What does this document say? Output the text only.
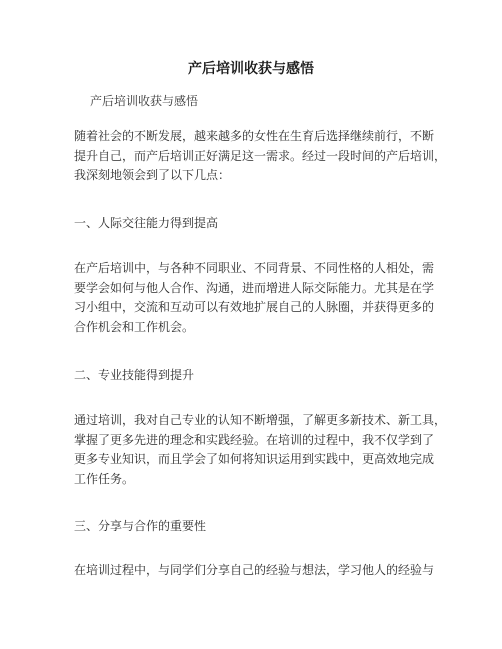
产后培训收获与感悟
产后培训收获与感悟
随着社会的不断发展，越来越多的女性在生育后选择继续前行，不断
提升自己，而产后培训正好满足这一需求。经过一段时间的产后培训，
我深刻地领会到了以下几点：
一、人际交往能力得到提高
在产后培训中，与各种不同职业、不同背景、不同性格的人相处，需
要学会如何与他人合作、沟通，进而增进人际交际能力。尤其是在学
习小组中，交流和互动可以有效地扩展自己的人脉圈，并获得更多的
合作机会和工作机会。
二、专业技能得到提升
通过培训，我对自己专业的认知不断增强，了解更多新技术、新工具，
掌握了更多先进的理念和实践经验。在培训的过程中，我不仅学到了
更多专业知识，而且学会了如何将知识运用到实践中，更高效地完成
工作任务。
三、分享与合作的重要性
在培训过程中，与同学们分享自己的经验与想法，学习他人的经验与
